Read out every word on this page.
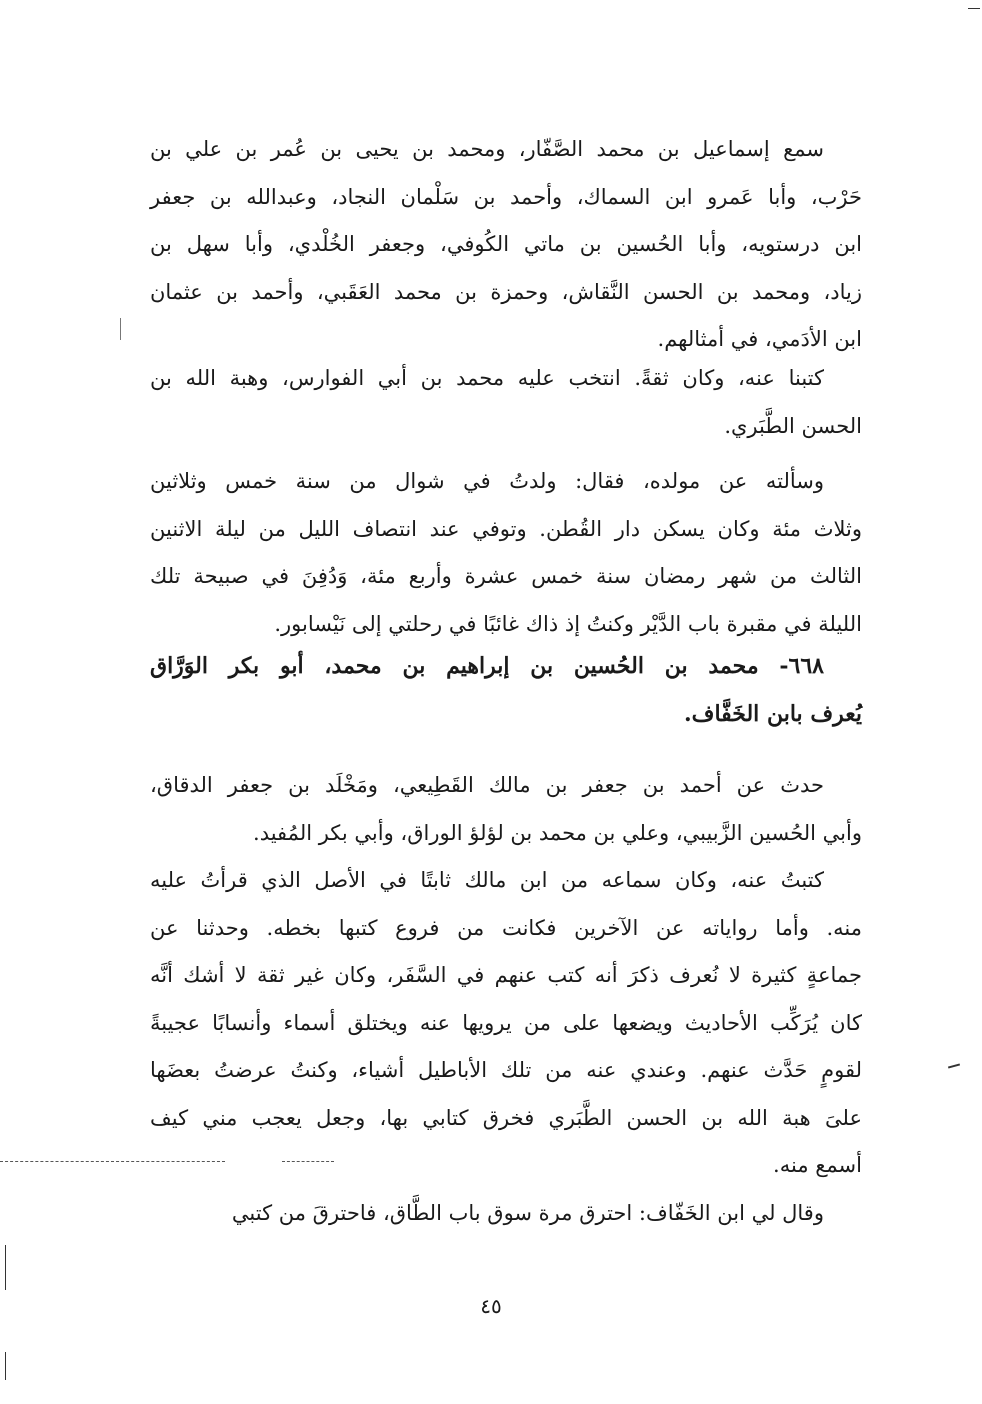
سمع إسماعيل بن محمد الصَّفّار، ومحمد بن يحيى بن عُمر بن علي بن
حَرْب، وأبا عَمرو ابن السماك، وأحمد بن سَلْمان النجاد، وعبدالله بن جعفر
ابن درستويه، وأبا الحُسين بن ماتي الكُوفي، وجعفر الخُلْدي، وأبا سهل بن
زياد، ومحمد بن الحسن النَّقاش، وحمزة بن محمد العَقَبي، وأحمد بن عثمان
ابن الأدَمي، في أمثالهم.

كتبنا عنه، وكان ثقةً. انتخب عليه محمد بن أبي الفوارس، وهبة الله بن
الحسن الطَّبَري.

وسألته عن مولده، فقال: ولدتُ في شوال من سنة خمس وثلاثين
وثلاث مئة وكان يسكن دار القُطن. وتوفي عند انتصاف الليل من ليلة الاثنين
الثالث من شهر رمضان سنة خمس عشرة وأربع مئة، وَدُفِنَ في صبيحة تلك
الليلة في مقبرة باب الدَّيْر وكنتُ إذ ذاك غائبًا في رحلتي إلى نَيْسابور.

٦٦٨- محمد بن الحُسين بن إبراهيم بن محمد، أبو بكر الوَرَّاق
يُعرف بابن الخَفَّاف.

حدث عن أحمد بن جعفر بن مالك القَطِيعي، ومَخْلَد بن جعفر الدقاق،
وأبي الحُسين الزَّبيبي، وعلي بن محمد بن لؤلؤ الوراق، وأبي بكر المُفيد.

كتبتُ عنه، وكان سماعه من ابن مالك ثابتًا في الأصل الذي قرأتُ عليه
منه. وأما رواياته عن الآخرين فكانت من فروع كتبها بخطه. وحدثنا عن
جماعةٍ كثيرة لا نُعرف ذكرَ أنه كتب عنهم في السَّفَر، وكان غير ثقة لا أشك أنَّه
كان يُرَكِّب الأحاديث ويضعها على من يرويها عنه ويختلق أسماء وأنسابًا عجيبةً
لقومٍ حَدَّث عنهم. وعندي عنه من تلك الأباطيل أشياء، وكنتُ عرضتُ بعضَها
علىَ هبة الله بن الحسن الطَّبَري فخرق كتابي بها، وجعل يعجب مني كيف
أسمع منه.

وقال لي ابن الخَفّاف: احترق مرة سوق باب الطَّاق، فاحترقَ من كتبي

٤٥
